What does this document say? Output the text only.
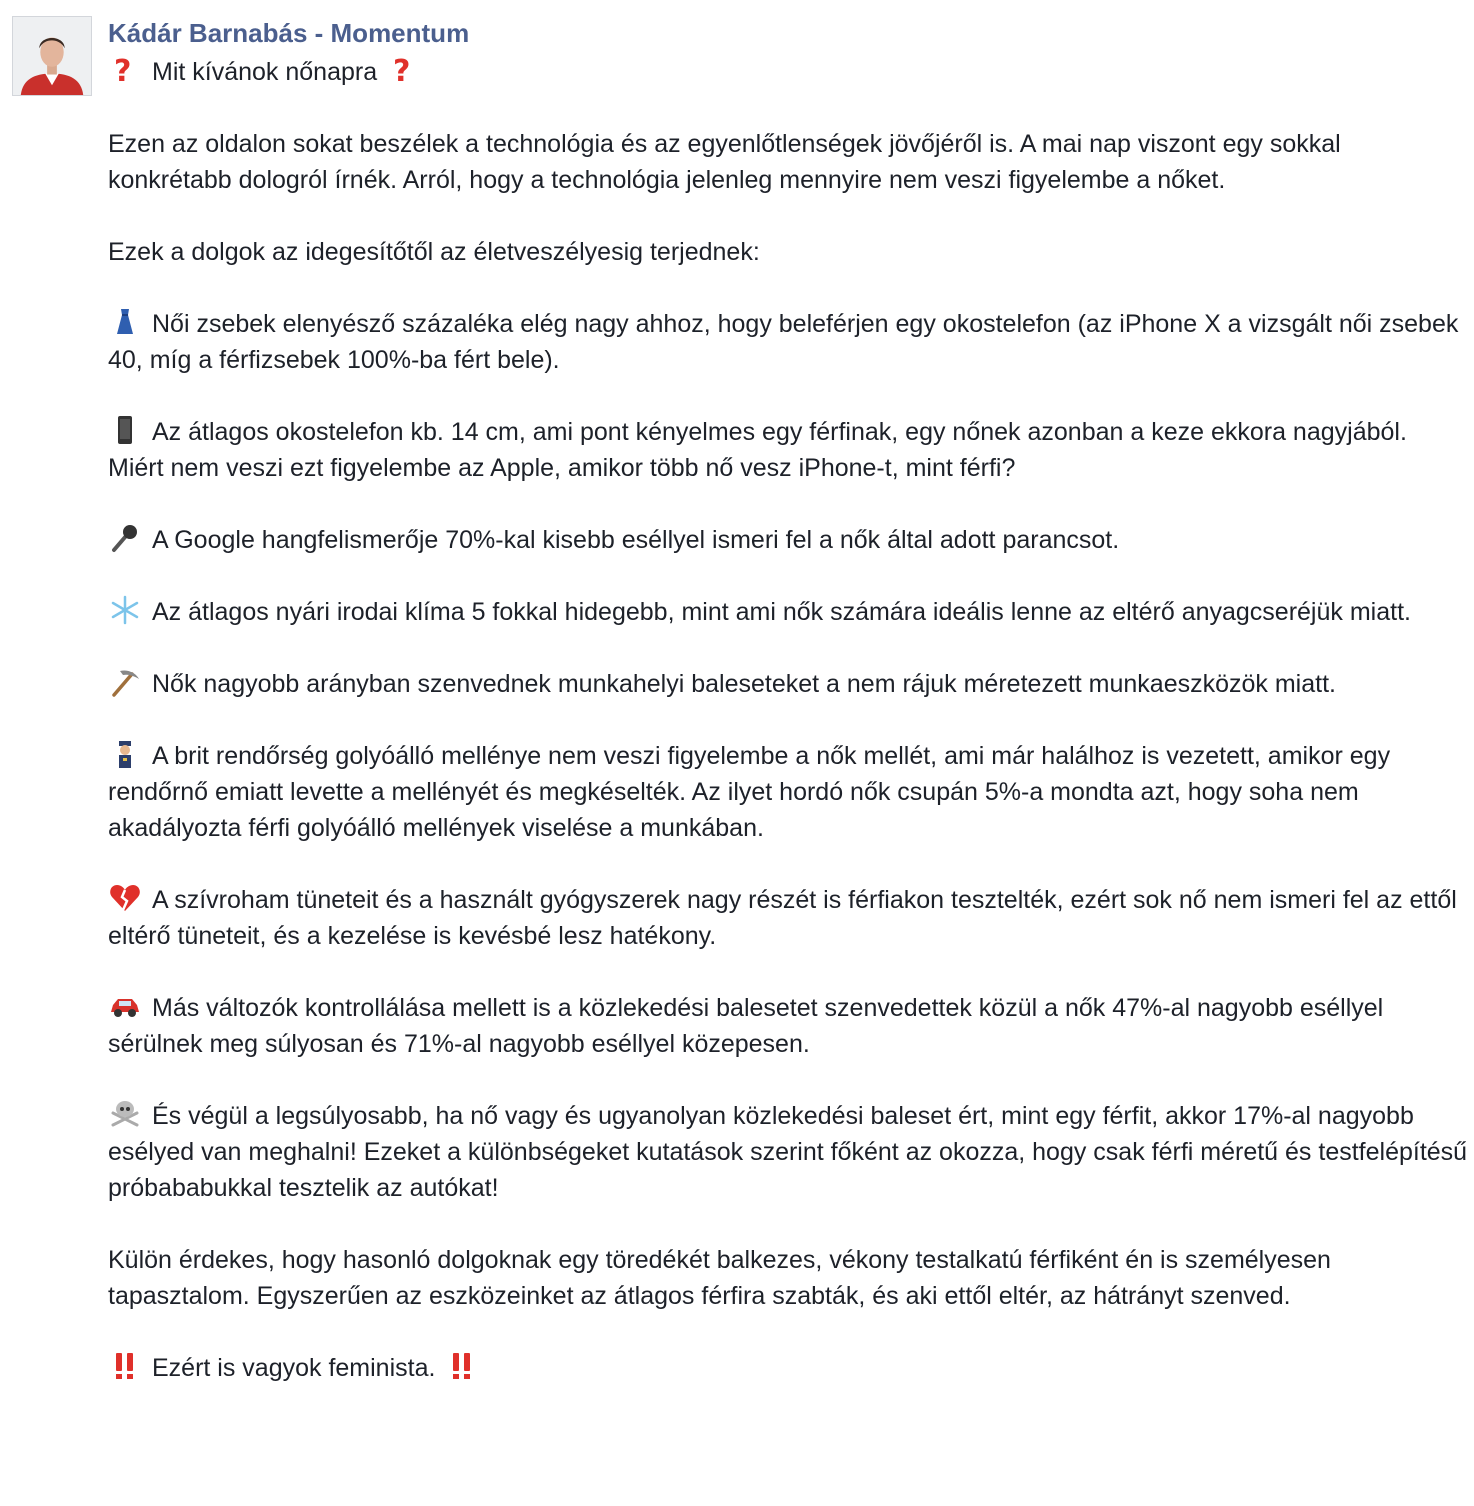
Kádár Barnabás - Momentum
? Mit kívánok nőnapra ?
Ezen az oldalon sokat beszélek a technológia és az egyenlőtlenségek jövőjéről is. A mai nap viszont egy sokkal konkrétabb dologról írnék. Arról, hogy a technológia jelenleg mennyire nem veszi figyelembe a nőket.
Ezek a dolgok az idegesítőtől az életveszélyesig terjednek:
Női zsebek elenyésző százaléka elég nagy ahhoz, hogy beleférjen egy okostelefon (az iPhone X a vizsgált női zsebek 40, míg a férfizsebek 100%-ba fért bele).
Az átlagos okostelefon kb. 14 cm, ami pont kényelmes egy férfinak, egy nőnek azonban a keze ekkora nagyjából. Miért nem veszi ezt figyelembe az Apple, amikor több nő vesz iPhone-t, mint férfi?
A Google hangfelismerője 70%-kal kisebb eséllyel ismeri fel a nők által adott parancsot.
Az átlagos nyári irodai klíma 5 fokkal hidegebb, mint ami nők számára ideális lenne az eltérő anyagcseréjük miatt.
Nők nagyobb arányban szenvednek munkahelyi baleseteket a nem rájuk méretezett munkaeszközök miatt.
A brit rendőrség golyóálló mellénye nem veszi figyelembe a nők mellét, ami már halálhoz is vezetett, amikor egy rendőrnő emiatt levette a mellényét és megkéselték. Az ilyet hordó nők csupán 5%-a mondta azt, hogy soha nem akadályozta férfi golyóálló mellények viselése a munkában.
A szívroham tüneteit és a használt gyógyszerek nagy részét is férfiakon tesztelték, ezért sok nő nem ismeri fel az ettől eltérő tüneteit, és a kezelése is kevésbé lesz hatékony.
Más változók kontrollálása mellett is a közlekedési balesetet szenvedettek közül a nők 47%-al nagyobb eséllyel sérülnek meg súlyosan és 71%-al nagyobb eséllyel közepesen.
És végül a legsúlyosabb, ha nő vagy és ugyanolyan közlekedési baleset ért, mint egy férfit, akkor 17%-al nagyobb esélyed van meghalni! Ezeket a különbségeket kutatások szerint főként az okozza, hogy csak férfi méretű és testfelépítésű próbababukkal tesztelik az autókat!
Külön érdekes, hogy hasonló dolgoknak egy töredékét balkezes, vékony testalkatú férfiként én is személyesen tapasztalom. Egyszerűen az eszközeinket az átlagos férfira szabták, és aki ettől eltér, az hátrányt szenved.
Ezért is vagyok feminista.
